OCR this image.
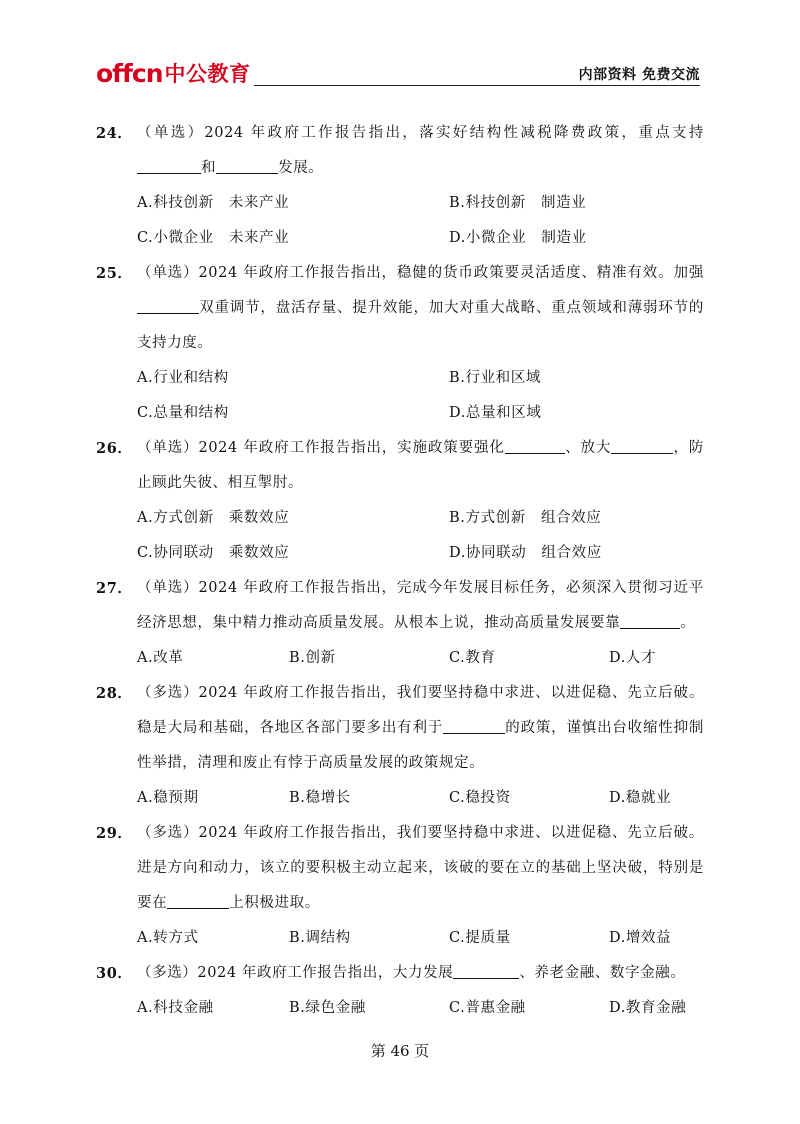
offcn 中公教育	内部资料 免费交流
24． （单选）2024 年政府工作报告指出，落实好结构性减税降费政策，重点支持和	发展。
A.科技创新　未来产业	B.科技创新　制造业
C.小微企业　未来产业	D.小微企业　制造业
25． （单选）2024 年政府工作报告指出，稳健的货币政策要灵活适度、精准有效。加强双重调节，盘活存量、提升效能，加大对重大战略、重点领域和薄弱环节的支持力度。
A.行业和结构	B.行业和区域
C.总量和结构	D.总量和区域
26． （单选）2024 年政府工作报告指出，实施政策要强化	、放大	，防止顾此失彼、相互掣肘。
A.方式创新　乘数效应	B.方式创新　组合效应
C.协同联动　乘数效应	D.协同联动　组合效应
27． （单选）2024 年政府工作报告指出，完成今年发展目标任务，必须深入贯彻习近平经济思想，集中精力推动高质量发展。从根本上说，推动高质量发展要靠	。
A.改革	B.创新	C.教育	D.人才
28． （多选）2024 年政府工作报告指出，我们要坚持稳中求进、以进促稳、先立后破。稳是大局和基础，各地区各部门要多出有利于	的政策，谨慎出台收缩性抑制性举措，清理和废止有悖于高质量发展的政策规定。
A.稳预期	B.稳增长	C.稳投资	D.稳就业
29． （多选）2024 年政府工作报告指出，我们要坚持稳中求进、以进促稳、先立后破。进是方向和动力，该立的要积极主动立起来，该破的要在立的基础上坚决破，特别是要在	上积极进取。
A.转方式	B.调结构	C.提质量	D.增效益
30． （多选）2024 年政府工作报告指出，大力发展	、养老金融、数字金融。
A.科技金融	B.绿色金融	C.普惠金融	D.教育金融
第 46 页
